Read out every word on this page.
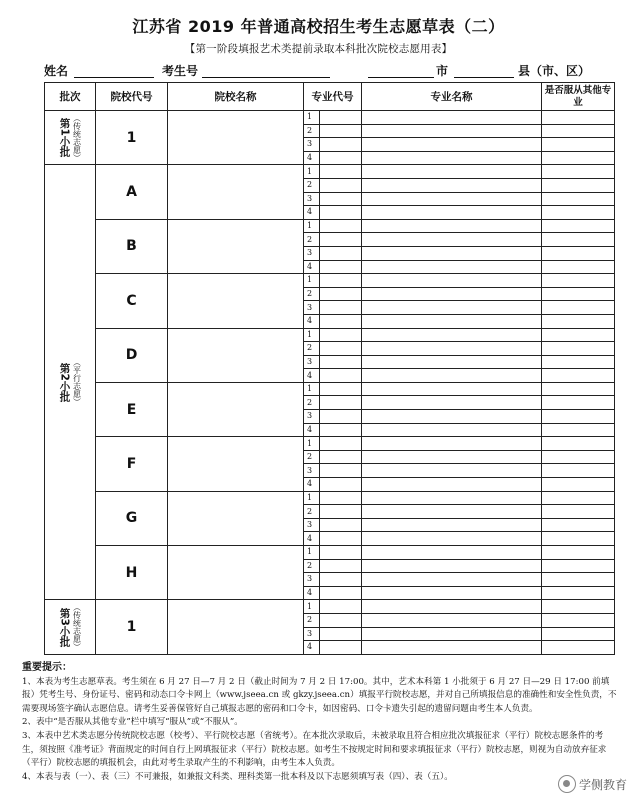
江苏省 2019 年普通高校招生考生志愿草表（二）
【第一阶段填报艺术类提前录取本科批次院校志愿用表】
姓名	考生号	市	县（市、区）
批次	院校代号	院校名称	专业代号		专业名称	是否服从其他专业

第1小批 （传统志愿）	1		1			
			2			
			3			
			4			

第2小批 （平行志愿）	A		1			
			2			
			3			
			4			
	B		1			
			2			
			3			
			4			
	C		1			
			2			
			3			
			4			
	D		1			
			2			
			3			
			4			
	E		1			
			2			
			3			
			4			
	F		1			
			2			
			3			
			4			
	G		1			
			2			
			3			
			4			
	H		1			
			2			
			3			
			4			

第3小批 （传统志愿）	1		1			
			2			
			3			
			4			
重要提示：

1、本表为考生志愿草表。考生须在 6 月 27 日—7 月 2 日（截止时间为 7 月 2 日 17:00。其中，艺术本科第 1 小批须于 6 月 27 日—29 日 17:00 前填报）凭考生号、身份证号、密码和动态口令卡网上（www.jseea.cn 或 gkzy.jseea.cn）填报平行院校志愿，并对自己所填报信息的准确性和安全性负责，不需要现场签字确认志愿信息。请考生妥善保管好自己填报志愿的密码和口令卡，如因密码、口令卡遗失引起的遗留问题由考生本人负责。

2、表中“是否服从其他专业”栏中填写“服从”或“不服从”。

3、本表中艺术类志愿分传统院校志愿（校考）、平行院校志愿（省统考）。在本批次录取后，未被录取且符合相应批次填报征求（平行）院校志愿条件的考生，须按照《准考证》背面规定的时间自行上网填报征求（平行）院校志愿。如考生不按规定时间和要求填报征求（平行）院校志愿，则视为自动放弃征求（平行）院校志愿的填报机会，由此对考生录取产生的不利影响，由考生本人负责。

4、本表与表（一）、表（三）不可兼报，如兼报文科类、理科类第一批本科及以下志愿须填写表（四）、表（五）。

学侧教育
